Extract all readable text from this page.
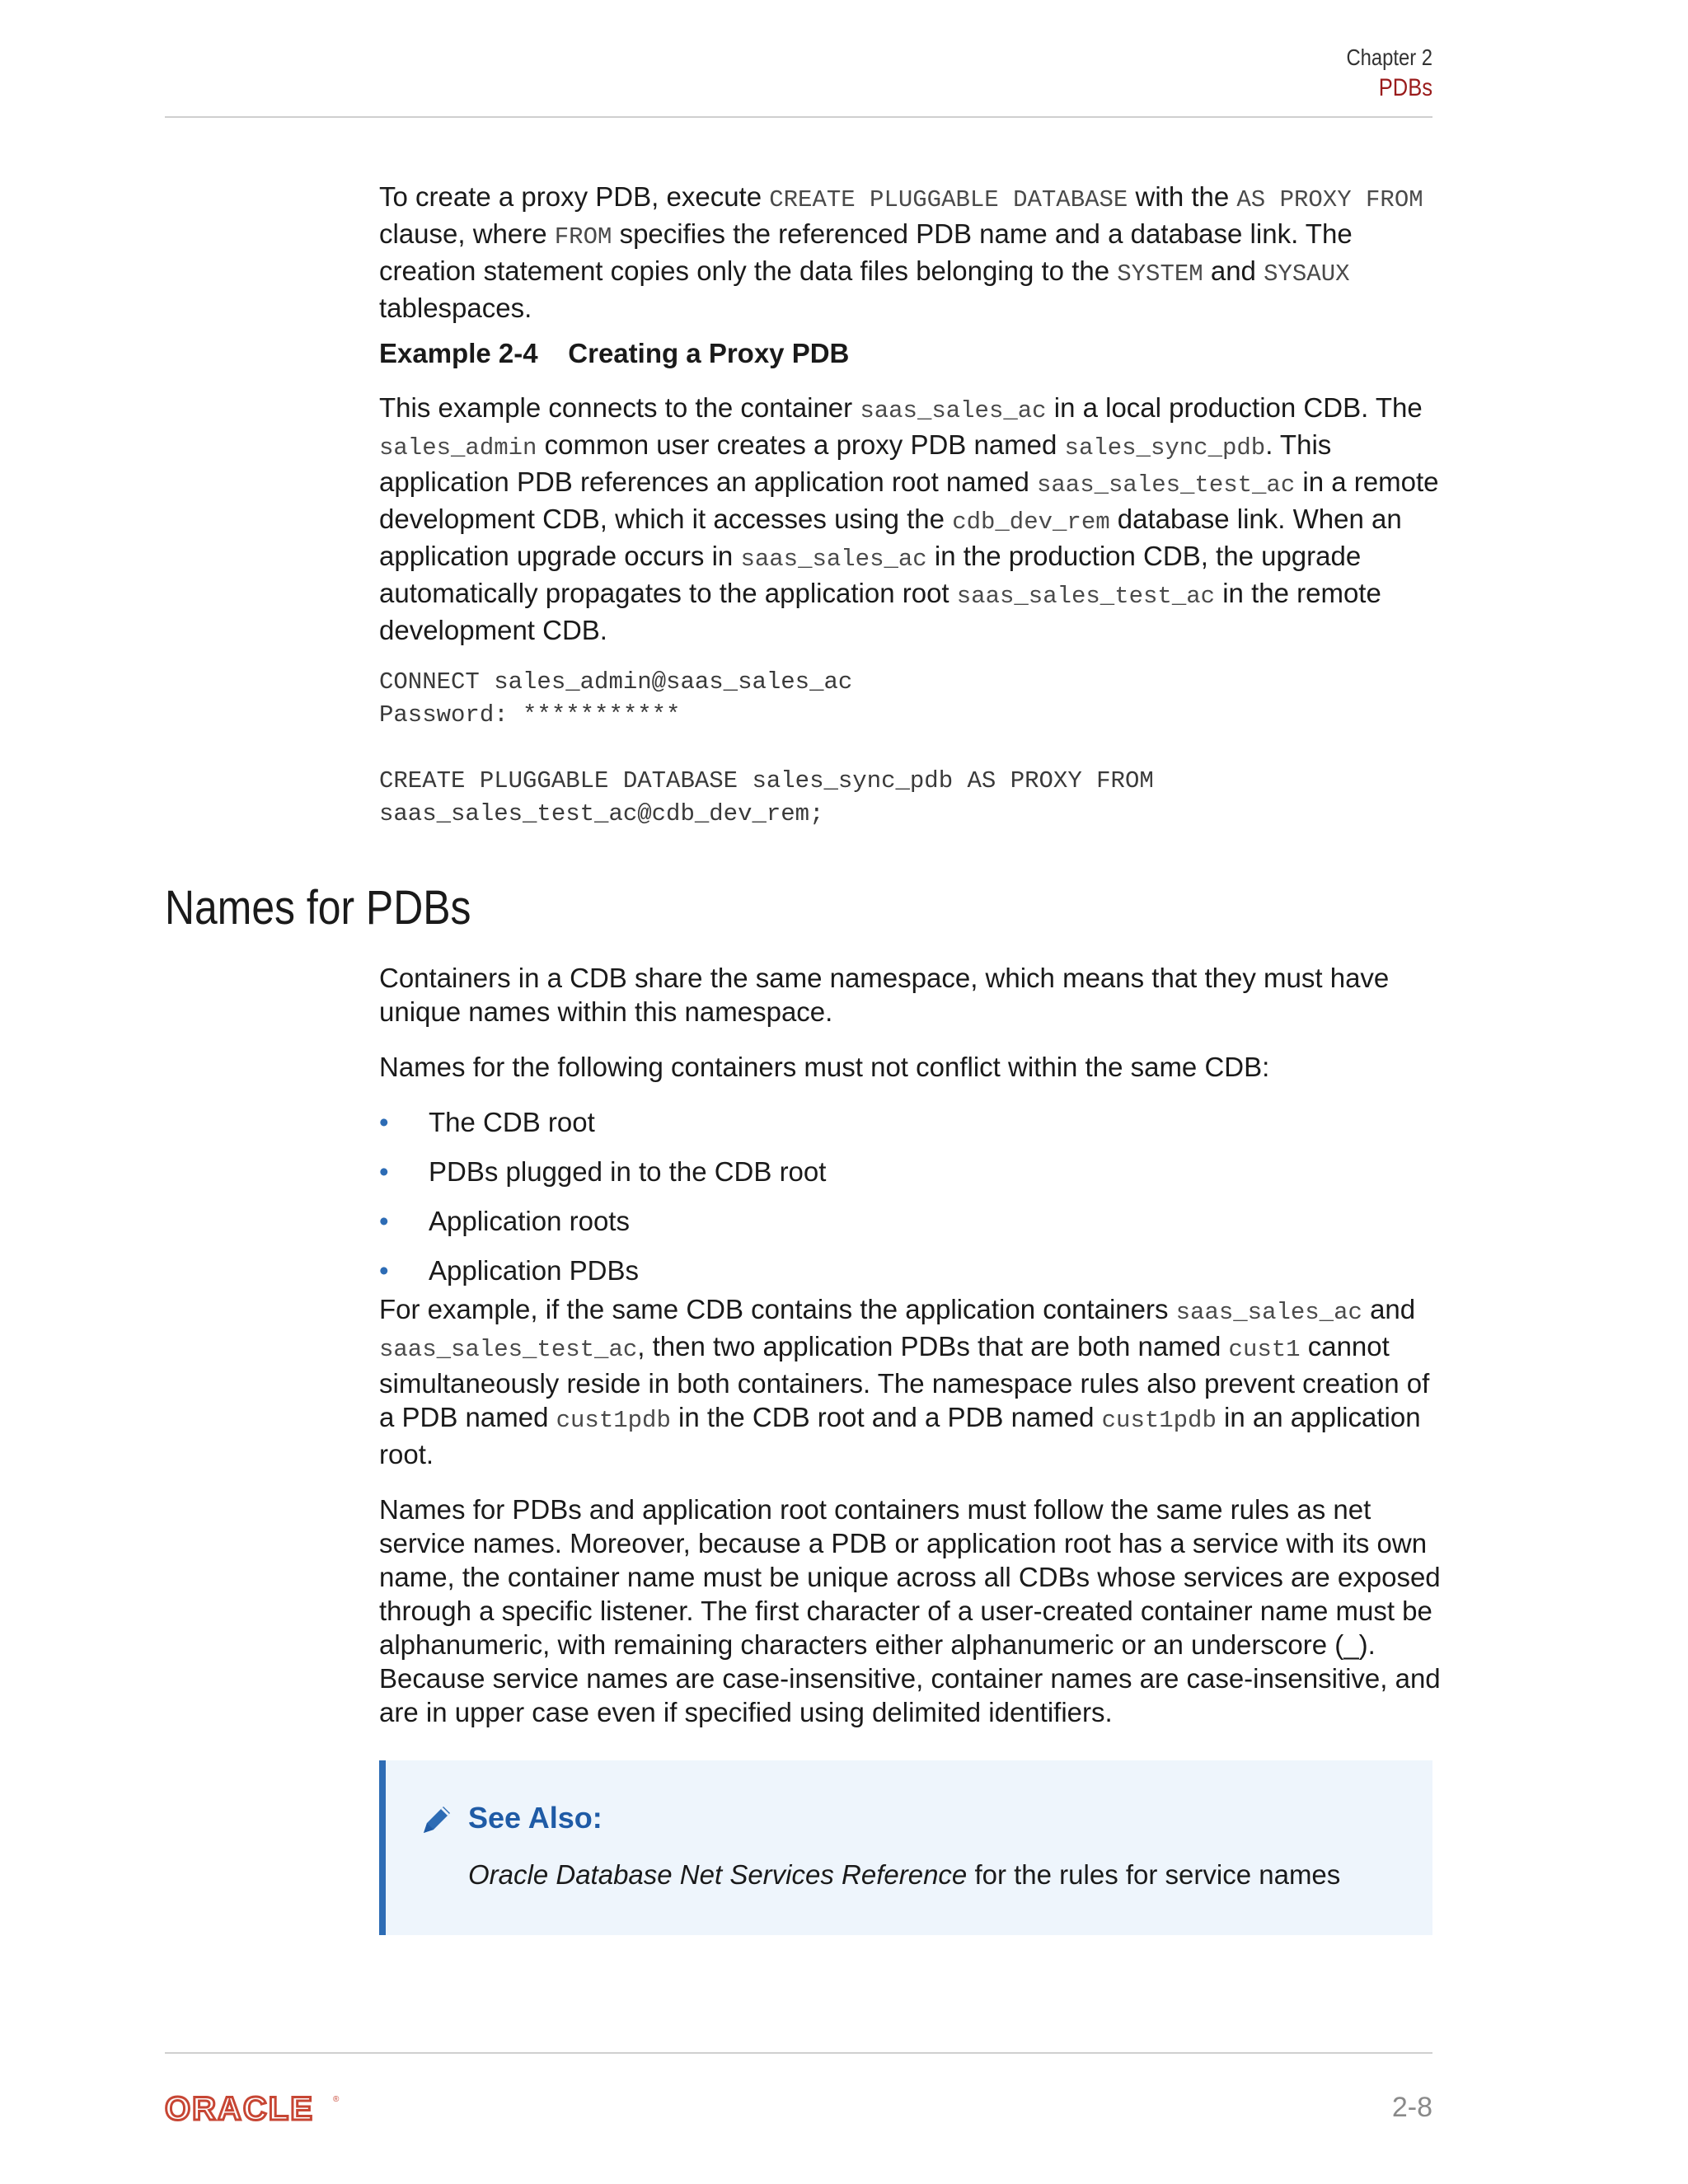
Chapter 2
PDBs

To create a proxy PDB, execute CREATE PLUGGABLE DATABASE with the AS PROXY FROM clause, where FROM specifies the referenced PDB name and a database link. The creation statement copies only the data files belonging to the SYSTEM and SYSAUX tablespaces.

Example 2-4    Creating a Proxy PDB

This example connects to the container saas_sales_ac in a local production CDB. The sales_admin common user creates a proxy PDB named sales_sync_pdb. This application PDB references an application root named saas_sales_test_ac in a remote development CDB, which it accesses using the cdb_dev_rem database link. When an application upgrade occurs in saas_sales_ac in the production CDB, the upgrade automatically propagates to the application root saas_sales_test_ac in the remote development CDB.

CONNECT sales_admin@saas_sales_ac
Password: ***********
CREATE PLUGGABLE DATABASE sales_sync_pdb AS PROXY FROM
saas_sales_test_ac@cdb_dev_rem;
Names for PDBs

Containers in a CDB share the same namespace, which means that they must have unique names within this namespace.

Names for the following containers must not conflict within the same CDB:

• The CDB root
• PDBs plugged in to the CDB root
• Application roots
• Application PDBs

For example, if the same CDB contains the application containers saas_sales_ac and saas_sales_test_ac, then two application PDBs that are both named cust1 cannot simultaneously reside in both containers. The namespace rules also prevent creation of a PDB named cust1pdb in the CDB root and a PDB named cust1pdb in an application root.

Names for PDBs and application root containers must follow the same rules as net service names. Moreover, because a PDB or application root has a service with its own name, the container name must be unique across all CDBs whose services are exposed through a specific listener. The first character of a user-created container name must be alphanumeric, with remaining characters either alphanumeric or an underscore (_). Because service names are case-insensitive, container names are case-insensitive, and are in upper case even if specified using delimited identifiers.

See Also:
Oracle Database Net Services Reference for the rules for service names
ORACLE ®	2-8
